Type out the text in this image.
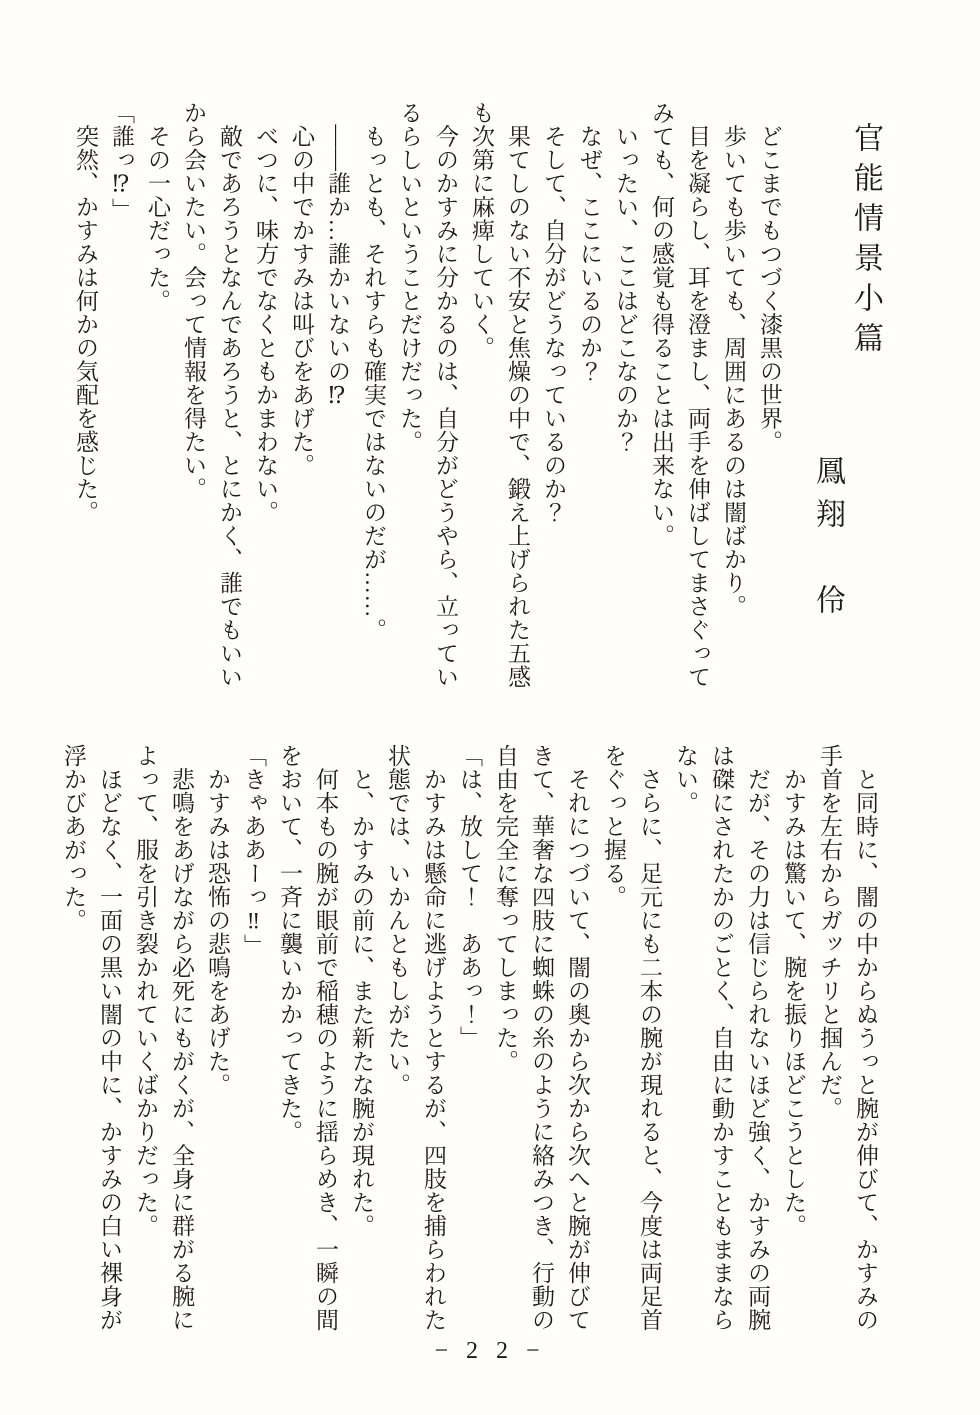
官能情景小篇
鳳翔　伶
　どこまでもつづく漆黒の世界。
　歩いても歩いても、周囲にあるのは闇ばかり。
　目を凝らし、耳を澄まし、両手を伸ばしてまさぐって
みても、何の感覚も得ることは出来ない。
　いったい、ここはどこなのか？
　なぜ、ここにいるのか？
　そして、自分がどうなっているのか？
　果てしのない不安と焦燥の中で、鍛え上げられた五感
も次第に麻痺していく。
　今のかすみに分かるのは、自分がどうやら、立ってい
るらしいということだけだった。
　もっとも、それすらも確実ではないのだが……。
　――誰か…誰かいないの⁉
　心の中でかすみは叫びをあげた。
　べつに、味方でなくともかまわない。
　敵であろうとなんであろうと、とにかく、誰でもいい
から会いたい。会って情報を得たい。
　その一心だった。
「誰っ⁉」
　突然、かすみは何かの気配を感じた。
　と同時に、闇の中からぬうっと腕が伸びて、かすみの
手首を左右からガッチリと掴んだ。
　かすみは驚いて、腕を振りほどこうとした。
　だが、その力は信じられないほど強く、かすみの両腕
は磔にされたかのごとく、自由に動かすこともままなら
ない。
　さらに、足元にも二本の腕が現れると、今度は両足首
をぐっと握る。
　それにつづいて、闇の奥から次から次へと腕が伸びて
きて、華奢な四肢に蜘蛛の糸のように絡みつき、行動の
自由を完全に奪ってしまった。
「は、放して！　ああっ！」
　かすみは懸命に逃げようとするが、四肢を捕らわれた
状態では、いかんともしがたい。
　と、かすみの前に、また新たな腕が現れた。
　何本もの腕が眼前で稲穂のように揺らめき、一瞬の間
をおいて、一斉に襲いかかってきた。
「きゃああーっ‼」
　かすみは恐怖の悲鳴をあげた。
　悲鳴をあげながら必死にもがくが、全身に群がる腕に
よって、服を引き裂かれていくばかりだった。
　ほどなく、一面の黒い闇の中に、かすみの白い裸身が
浮かびあがった。
− 2 2 −
